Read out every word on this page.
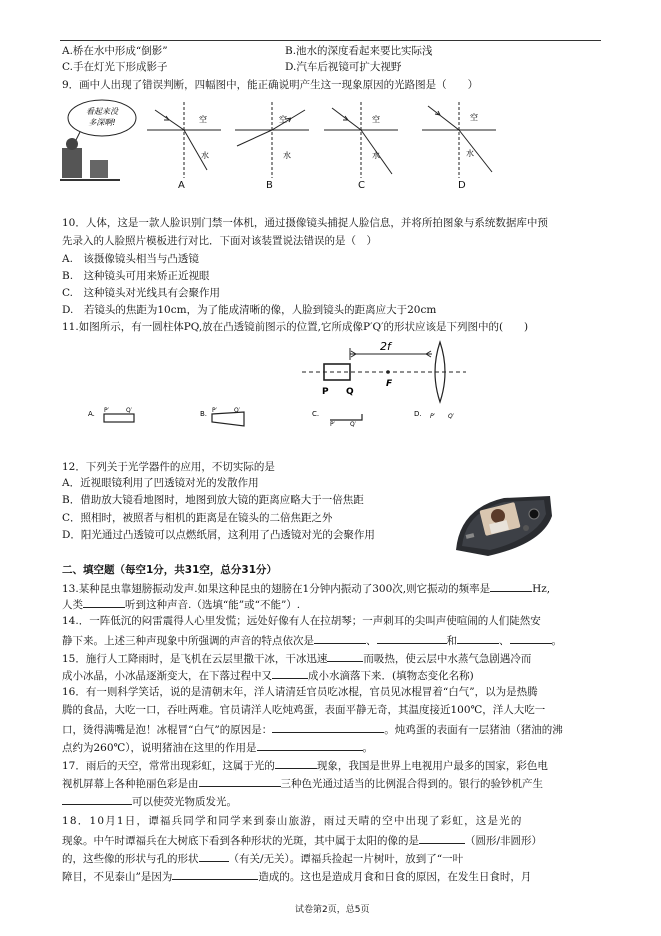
A.桥在水中形成“倒影”	B.池水的深度看起来要比实际浅
C.手在灯光下形成影子	D.汽车后视镜可扩大视野
9．画中人出现了错误判断，四幅图中，能正确说明产生这一现象原因的光路图是（　　）
看起来没
多深啊!	空
水
空
水
空
水
空
水
A	B	C	D
10．人体，这是一款人脸识别门禁一体机，通过摄像镜头捕捉人脸信息，并将所拍图象与系统数据库中预
先录入的人脸照片模板进行对比．下面对该装置说法错误的是（　）
A.　该摄像镜头相当与凸透镜
B.　这种镜头可用来矫正近视眼
C.　这种镜头对光线具有会聚作用
D.　若镜头的焦距为10cm，为了能成清晰的像，人脸到镜头的距离应大于20cm
11.如图所示，有一圆柱体PQ,放在凸透镜前图示的位置,它所成像P′Q′的形状应该是下列图中的(　　)
2f
P Q
F
A. P′	Q′	B. P′	Q′	C.
P′	Q′
D. P′ Q′
12．下列关于光学器件的应用，不切实际的是
A．近视眼镜利用了凹透镜对光的发散作用
B．借助放大镜看地图时，地图到放大镜的距离应略大于一倍焦距
C．照相时，被照者与相机的距离是在镜头的二倍焦距之外
D．阳光通过凸透镜可以点燃纸屑，这利用了凸透镜对光的会聚作用
二、填空题（每空1分，共31空，总分31分）
13.某种昆虫靠翅膀振动发声.如果这种昆虫的翅膀在1分钟内振动了300次,则它振动的频率是	Hz,
人类	听到这种声音.（选填“能”或“不能”）.
14.．一阵低沉的闷雷震得人心里发慌；远处好像有人在拉胡琴；一声刺耳的尖叫声使喧闹的人们陡然安
静下来。上述三种声现象中所强调的声音的特点依次是	、	和	、	。
15．施行人工降雨时，是飞机在云层里撒干冰，干冰迅速	而吸热，使云层中水蒸气急剧遇冷而
成小冰晶，小冰晶逐渐变大，在下落过程中又	成小水滴落下来．(填物态变化名称)
16．有一则科学笑话，说的是清朝末年，洋人请清廷官员吃冰棍，官员见冰棍冒着“白气”，以为是热腾
腾的食品，大吃一口，吞吐两难。官员请洋人吃炖鸡蛋，表面平静无奇，其温度接近100℃，洋人大吃一
口，烫得满嘴是泡！冰棍冒“白气”的原因是：	。炖鸡蛋的表面有一层猪油（猪油的沸
点约为260℃），说明猪油在这里的作用是	。
17．雨后的天空，常常出现彩虹，这属于光的	现象，我国是世界上电视用户最多的国家，彩色电
视机屏幕上各种艳丽色彩是由	三种色光通过适当的比例混合得到的。银行的验钞机产生
可以使荧光物质发光。
18．10月1日，谭福兵同学和同学来到泰山旅游，雨过天晴的空中出现了彩虹，这是光的
现象。中午时谭福兵在大树底下看到各种形状的光斑，其中属于太阳的像的是	（圆形/非圆形）
的，这些像的形状与孔的形状	（有关/无关）。谭福兵捡起一片树叶，放到了“一叶
障目，不见泰山”是因为	造成的。这也是造成月食和日食的原因，在发生日食时，月
试卷第2页，总5页
